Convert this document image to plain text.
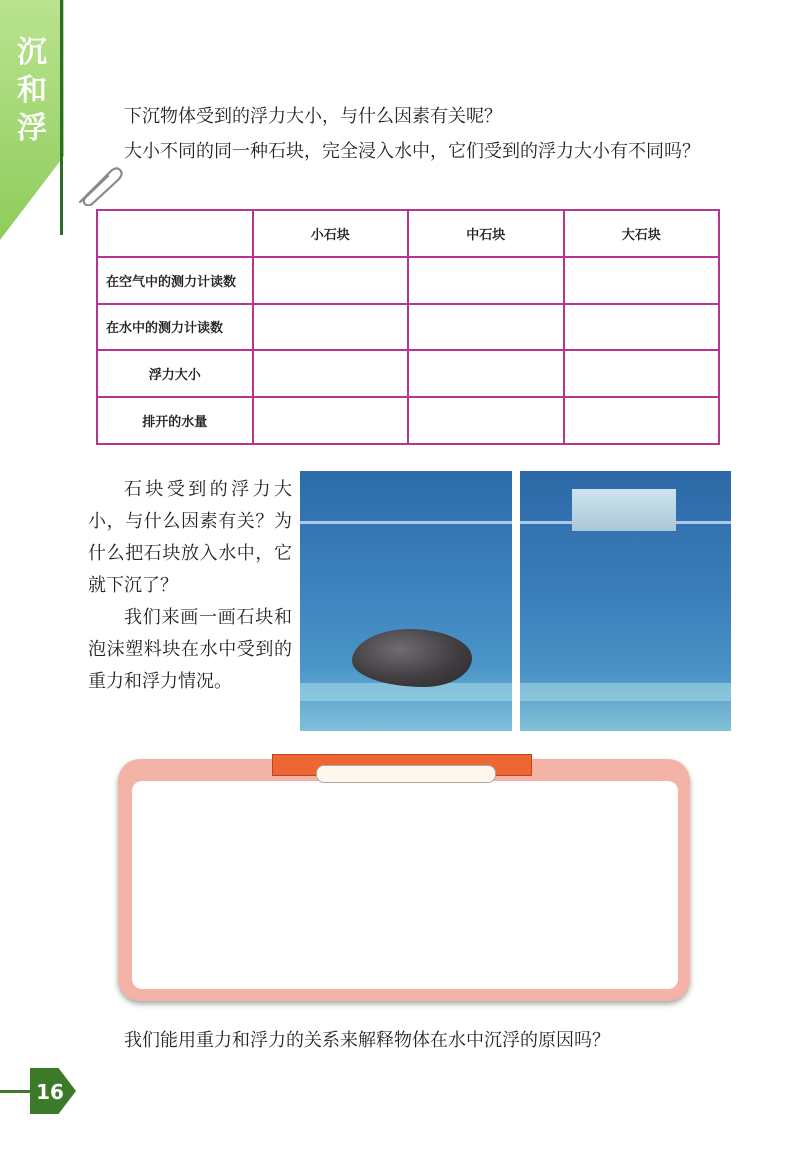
沉
和
浮	下沉物体受到的浮力大小，与什么因素有关呢？
大小不同的同一种石块，完全浸入水中，它们受到的浮力大小有不同吗？
	小石块	中石块	大石块
在空气中的测力计读数			
在水中的测力计读数			
浮力大小			
排开的水量			

石块受到的浮力大小，与什么因素有关？为什么把石块放入水中，它就下沉了？

我们来画一画石块和泡沫塑料块在水中受到的重力和浮力情况。

我们能用重力和浮力的关系来解释物体在水中沉浮的原因吗？
16
